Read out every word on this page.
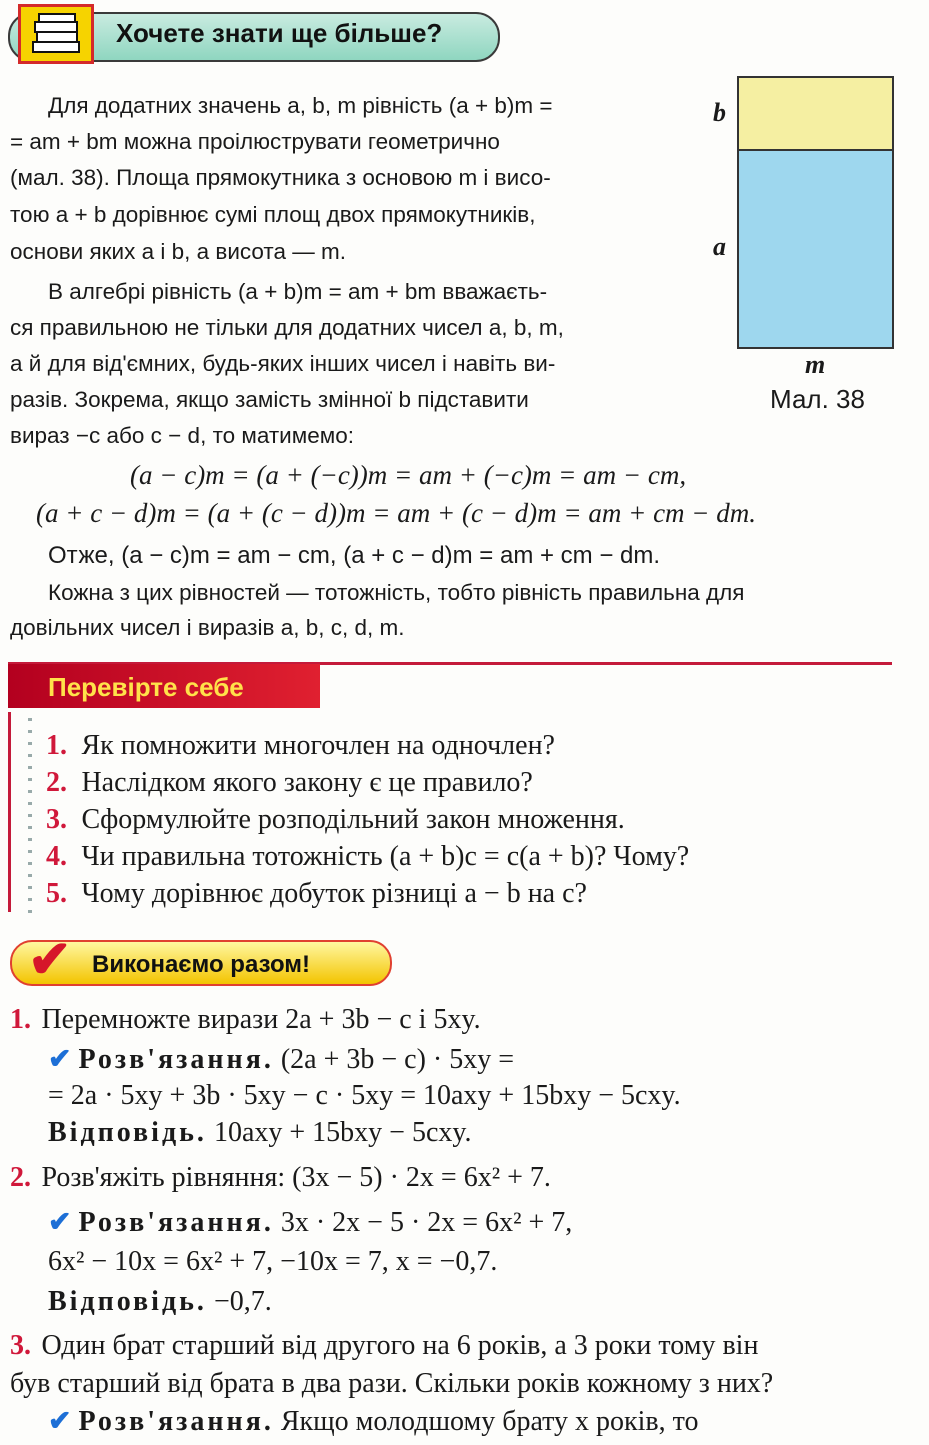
Хочете знати ще більше?
Для додатних значень a, b, m рівність (a + b)m =
= am + bm можна проілюструвати геометрично
(мал. 38). Площа прямокутника з основою m і висо-
тою a + b дорівнює сумі площ двох прямокутників,
основи яких a і b, а висота — m.
В алгебрі рівність (a + b)m = am + bm вважаєть-
ся правильною не тільки для додатних чисел a, b, m,
а й для від'ємних, будь-яких інших чисел і навіть ви-
разів. Зокрема, якщо замість змінної b підставити
вираз −c або c − d, то матимемо:
b
a
m
Мал. 38
(a − c)m = (a + (−c))m = am + (−c)m = am − cm,
(a + c − d)m = (a + (c − d))m = am + (c − d)m = am + cm − dm.
Отже, (a − c)m = am − cm, (a + c − d)m = am + cm − dm.
Кожна з цих рівностей — тотожність, тобто рівність правильна для
довільних чисел і виразів a, b, c, d, m.
Перевірте себе
1. Як помножити многочлен на одночлен?
2. Наслідком якого закону є це правило?
3. Сформулюйте розподільний закон множення.
4. Чи правильна тотожність (a + b)c = c(a + b)? Чому?
5. Чому дорівнює добуток різниці a − b на c?
✔ Виконаємо разом!
1. Перемножте вирази 2a + 3b − c і 5xy.
✔ Розв'язання. (2a + 3b − c) · 5xy =
= 2a · 5xy + 3b · 5xy − c · 5xy = 10axy + 15bxy − 5cxy.
Відповідь. 10axy + 15bxy − 5cxy.
2. Розв'яжіть рівняння: (3x − 5) · 2x = 6x² + 7.
✔ Розв'язання. 3x · 2x − 5 · 2x = 6x² + 7,
6x² − 10x = 6x² + 7, −10x = 7, x = −0,7.
Відповідь. −0,7.
3. Один брат старший від другого на 6 років, а 3 роки тому він
був старший від брата в два рази. Скільки років кожному з них?
✔ Розв'язання. Якщо молодшому брату x років, то
